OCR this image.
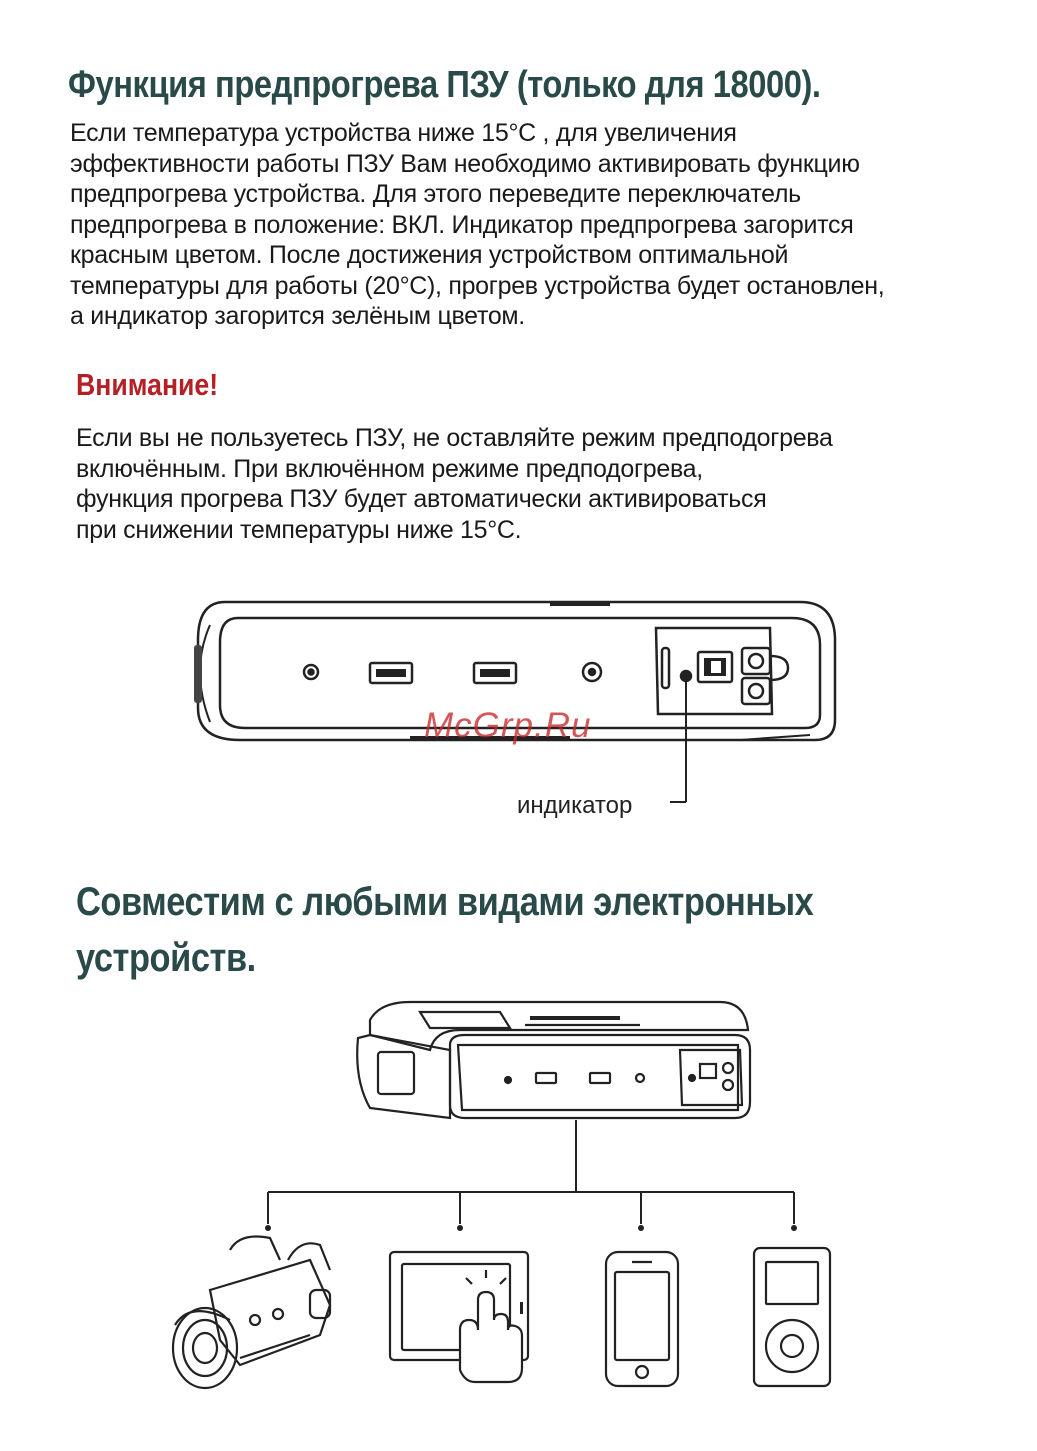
Функция предпрогрева ПЗУ (только для 18000).
Если температура устройства ниже 15°C , для увеличения
эффективности работы ПЗУ Вам необходимо активировать функцию
предпрогрева устройства. Для этого переведите переключатель
предпрогрева в положение: ВКЛ. Индикатор предпрогрева загорится
красным цветом. После достижения устройством оптимальной
температуры для работы (20°C), прогрев устройства будет остановлен,
а индикатор загорится зелёным цветом.
Внимание!
Если вы не пользуетесь ПЗУ, не оставляйте режим предподогрева
включённым. При включённом режиме предподогрева,
функция прогрева ПЗУ будет автоматически активироваться
при снижении температуры ниже 15°C.
индикатор
McGrp.Ru
Совместим с любыми видами электронных
устройств.
